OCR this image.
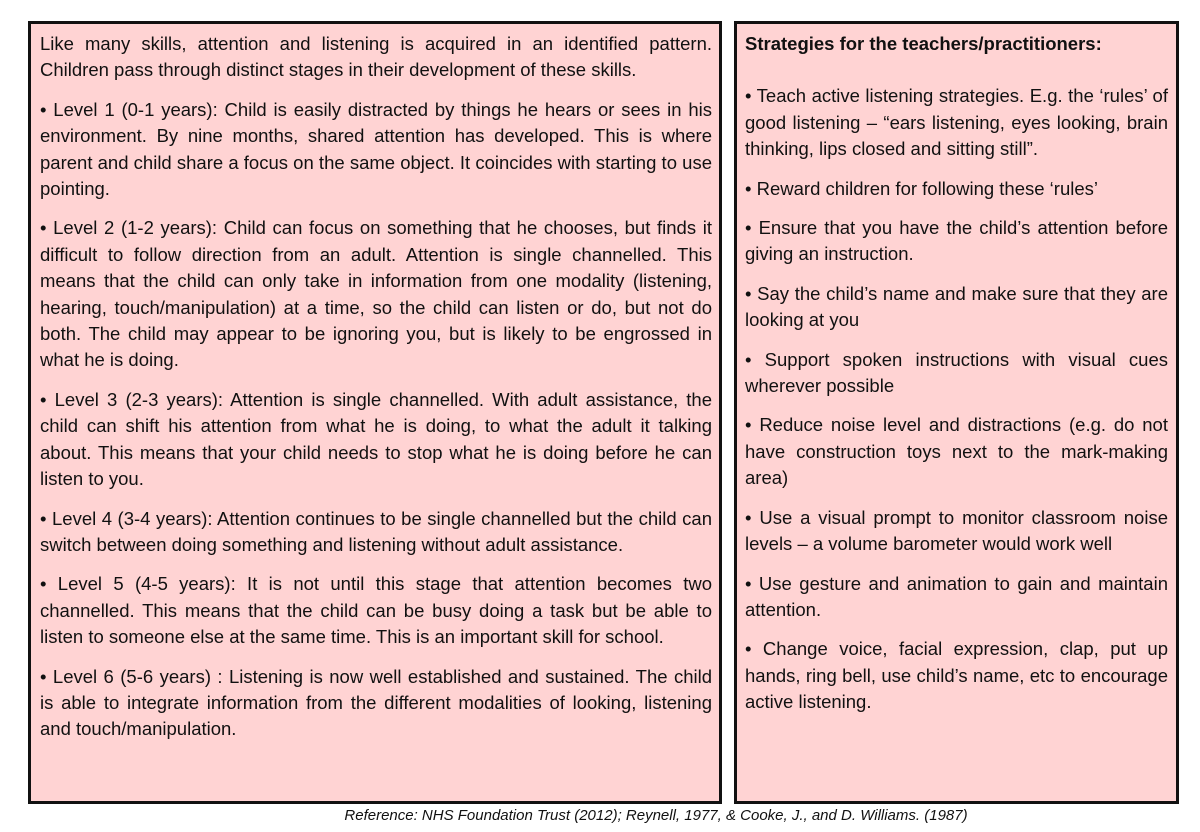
Like many skills, attention and listening is acquired in an identified pattern. Children pass through distinct stages in their development of these skills.

• Level 1 (0-1 years): Child is easily distracted by things he hears or sees in his environment. By nine months, shared attention has developed. This is where parent and child share a focus on the same object. It coincides with starting to use pointing.

• Level 2 (1-2 years): Child can focus on something that he chooses, but finds it difficult to follow direction from an adult. Attention is single channelled. This means that the child can only take in information from one modality (listening, hearing, touch/manipulation) at a time, so the child can listen or do, but not do both. The child may appear to be ignoring you, but is likely to be engrossed in what he is doing.

• Level 3 (2-3 years): Attention is single channelled. With adult assistance, the child can shift his attention from what he is doing, to what the adult it talking about. This means that your child needs to stop what he is doing before he can listen to you.

• Level 4 (3-4 years): Attention continues to be single channelled but the child can switch between doing something and listening without adult assistance.

• Level 5 (4-5 years): It is not until this stage that attention becomes two channelled. This means that the child can be busy doing a task but be able to listen to someone else at the same time. This is an important skill for school.

• Level 6 (5-6 years) : Listening is now well established and sustained. The child is able to integrate information from the different modalities of looking, listening and touch/manipulation.

Strategies for the teachers/practitioners:

• Teach active listening strategies. E.g. the ‘rules’ of good listening – “ears listening, eyes looking, brain thinking, lips closed and sitting still”.

• Reward children for following these ‘rules’

• Ensure that you have the child’s attention before giving an instruction.

• Say the child’s name and make sure that they are looking at you

• Support spoken instructions with visual cues wherever possible

• Reduce noise level and distractions (e.g. do not have construction toys next to the mark-making area)

• Use a visual prompt to monitor classroom noise levels – a volume barometer would work well

• Use gesture and animation to gain and maintain attention.

• Change voice, facial expression, clap, put up hands, ring bell, use child’s name, etc to encourage active listening.

Reference: NHS Foundation Trust (2012); Reynell, 1977, & Cooke, J., and D. Williams. (1987)
